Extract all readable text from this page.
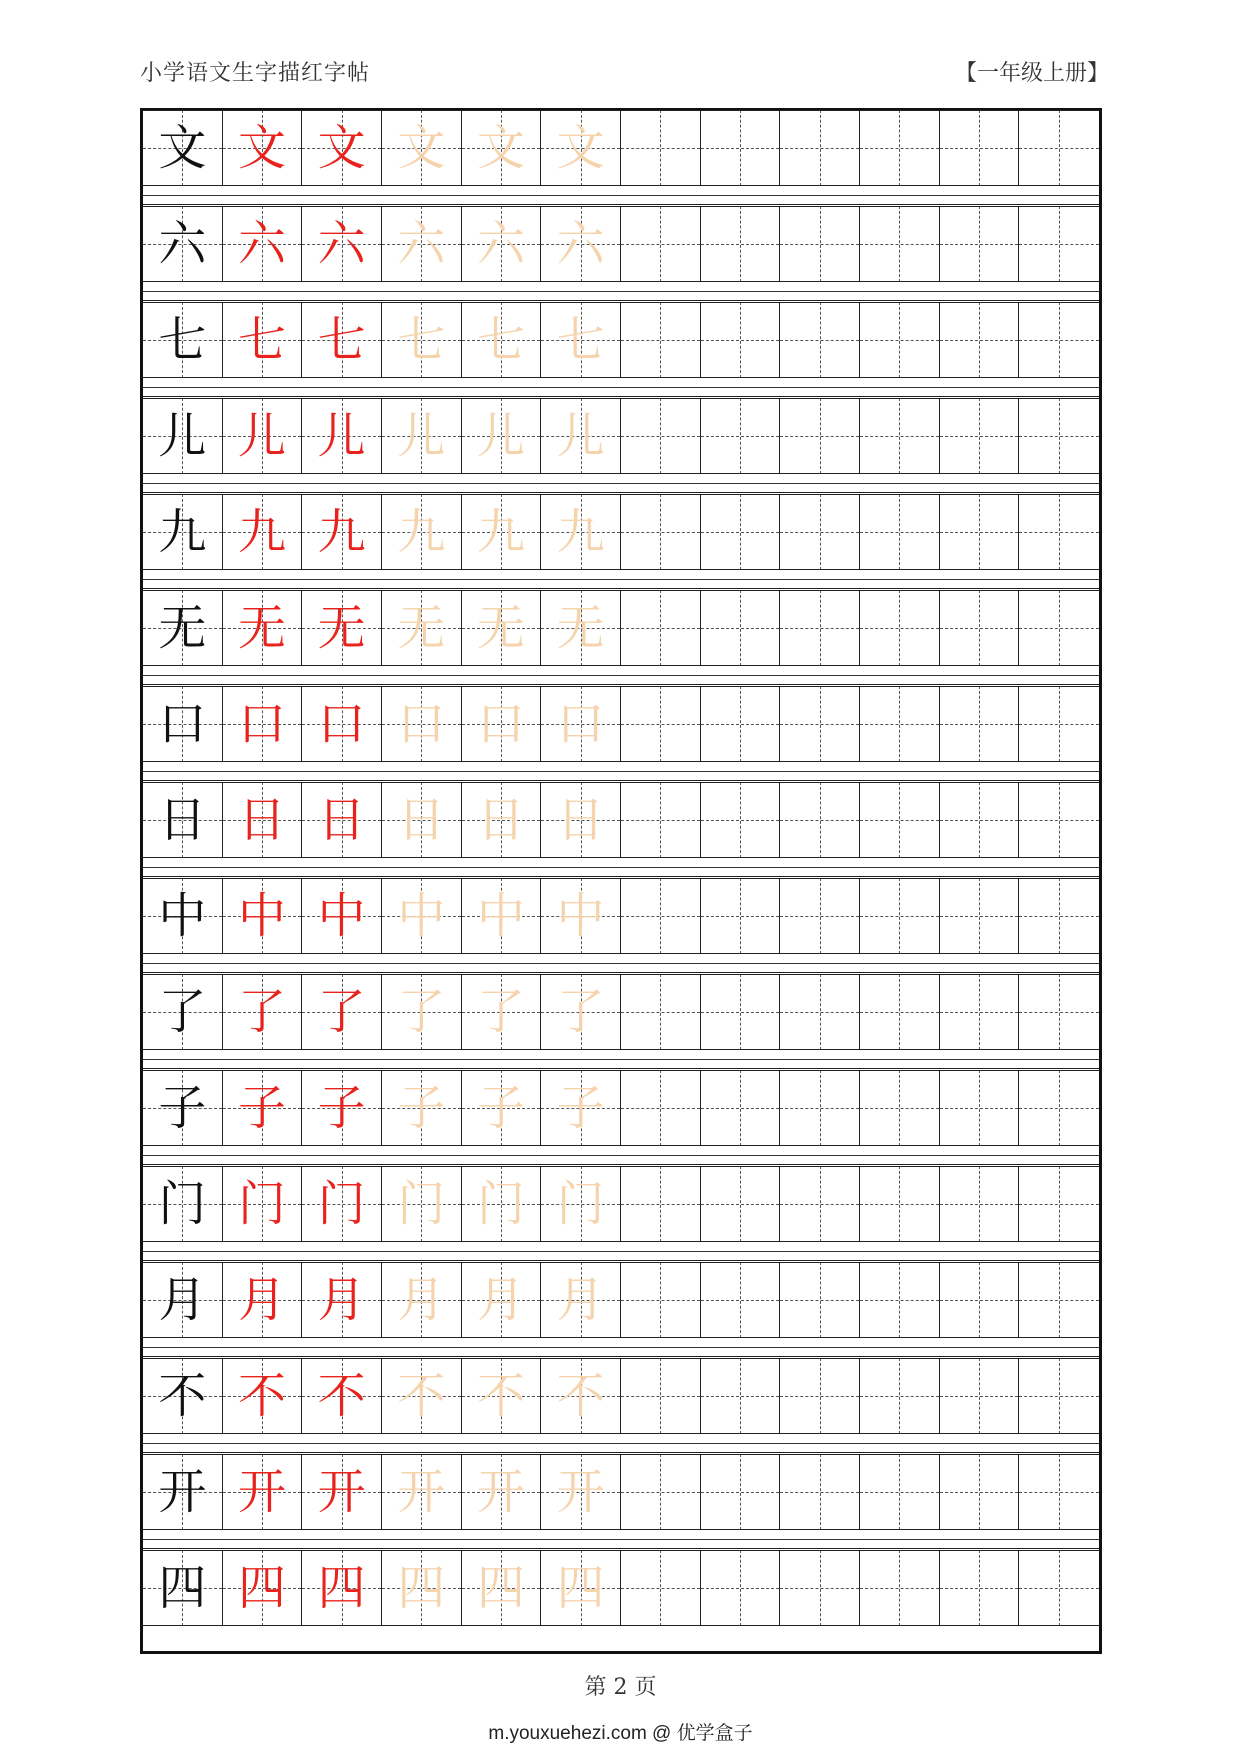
小学语文生字描红字帖	【一年级上册】
文 文 文 文 文 文
六 六 六 六 六 六
七 七 七 七 七 七
儿 儿 儿 儿 儿 儿
九 九 九 九 九 九
无 无 无 无 无 无
口 口 口 口 口 口
日 日 日 日 日 日
中 中 中 中 中 中
了 了 了 了 了 了
子 子 子 子 子 子
门 门 门 门 门 门
月 月 月 月 月 月
不 不 不 不 不 不
开 开 开 开 开 开
四 四 四 四 四 四
第 2 页
m.youxuehezi.com @ 优学盒子
